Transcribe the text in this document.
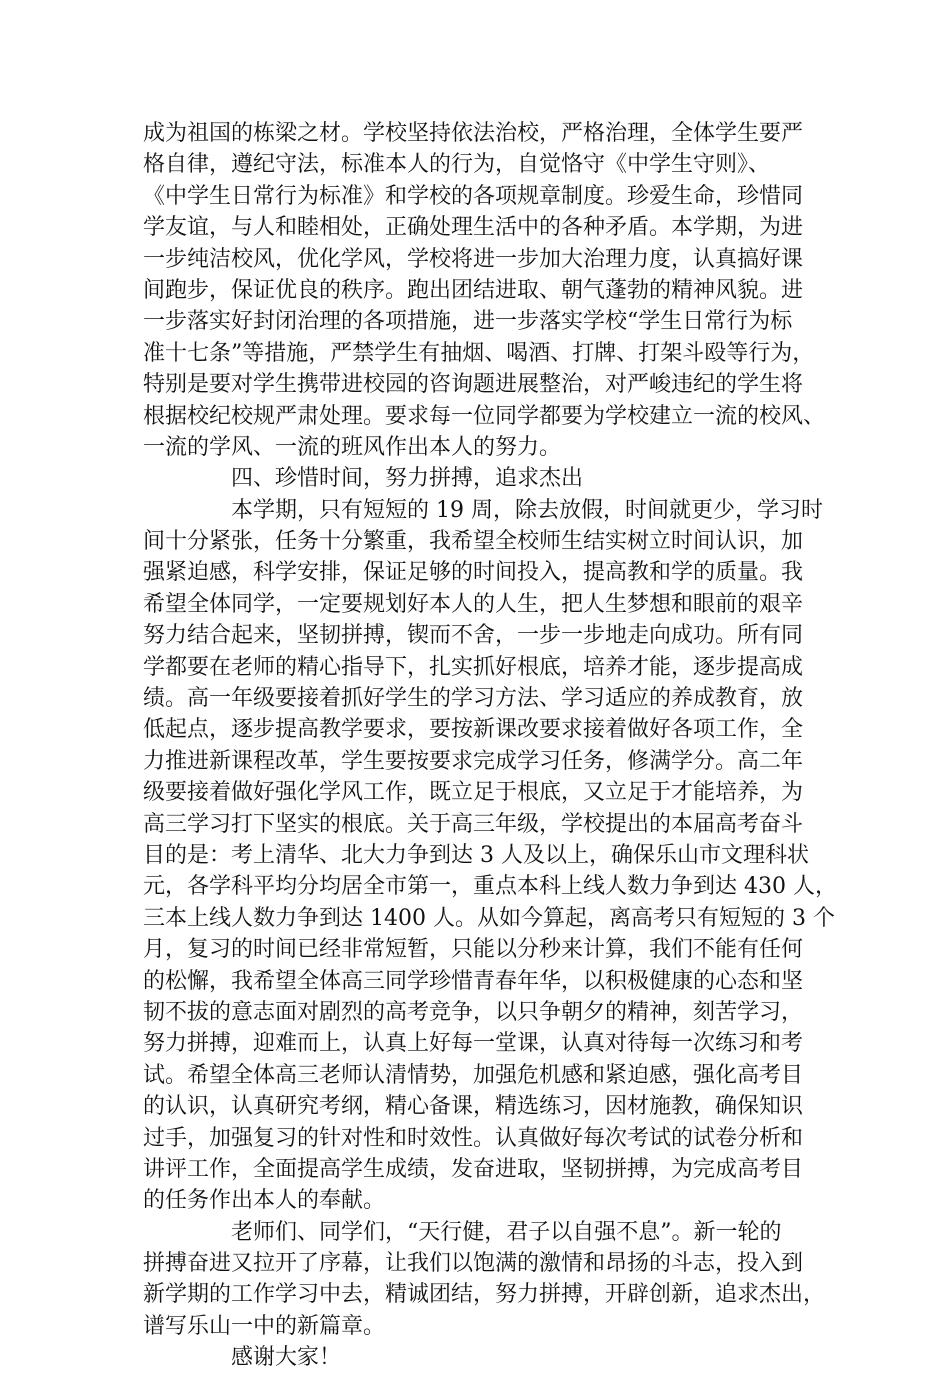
成为祖国的栋梁之材。学校坚持依法治校，严格治理，全体学生要严
格自律，遵纪守法，标准本人的行为，自觉恪守《中学生守则》、
《中学生日常行为标准》和学校的各项规章制度。珍爱生命，珍惜同
学友谊，与人和睦相处，正确处理生活中的各种矛盾。本学期，为进
一步纯洁校风，优化学风，学校将进一步加大治理力度，认真搞好课
间跑步，保证优良的秩序。跑出团结进取、朝气蓬勃的精神风貌。进
一步落实好封闭治理的各项措施，进一步落实学校“学生日常行为标
准十七条”等措施，严禁学生有抽烟、喝酒、打牌、打架斗殴等行为，
特别是要对学生携带进校园的咨询题进展整治，对严峻违纪的学生将
根据校纪校规严肃处理。要求每一位同学都要为学校建立一流的校风、
一流的学风、一流的班风作出本人的努力。
四、珍惜时间，努力拼搏，追求杰出
本学期，只有短短的 19 周，除去放假，时间就更少，学习时
间十分紧张，任务十分繁重，我希望全校师生结实树立时间认识，加
强紧迫感，科学安排，保证足够的时间投入，提高教和学的质量。我
希望全体同学，一定要规划好本人的人生，把人生梦想和眼前的艰辛
努力结合起来，坚韧拼搏，锲而不舍，一步一步地走向成功。所有同
学都要在老师的精心指导下，扎实抓好根底，培养才能，逐步提高成
绩。高一年级要接着抓好学生的学习方法、学习适应的养成教育，放
低起点，逐步提高教学要求，要按新课改要求接着做好各项工作，全
力推进新课程改革，学生要按要求完成学习任务，修满学分。高二年
级要接着做好强化学风工作，既立足于根底，又立足于才能培养，为
高三学习打下坚实的根底。关于高三年级，学校提出的本届高考奋斗
目的是：考上清华、北大力争到达 3 人及以上，确保乐山市文理科状
元，各学科平均分均居全市第一，重点本科上线人数力争到达 430 人，
三本上线人数力争到达 1400 人。从如今算起，离高考只有短短的 3 个
月，复习的时间已经非常短暂，只能以分秒来计算，我们不能有任何
的松懈，我希望全体高三同学珍惜青春年华，以积极健康的心态和坚
韧不拔的意志面对剧烈的高考竞争，以只争朝夕的精神，刻苦学习，
努力拼搏，迎难而上，认真上好每一堂课，认真对待每一次练习和考
试。希望全体高三老师认清情势，加强危机感和紧迫感，强化高考目
的认识，认真研究考纲，精心备课，精选练习，因材施教，确保知识
过手，加强复习的针对性和时效性。认真做好每次考试的试卷分析和
讲评工作，全面提高学生成绩，发奋进取，坚韧拼搏，为完成高考目
的任务作出本人的奉献。
老师们、同学们，“天行健，君子以自强不息”。新一轮的
拼搏奋进又拉开了序幕，让我们以饱满的激情和昂扬的斗志，投入到
新学期的工作学习中去，精诚团结，努力拼搏，开辟创新，追求杰出，
谱写乐山一中的新篇章。
感谢大家！
